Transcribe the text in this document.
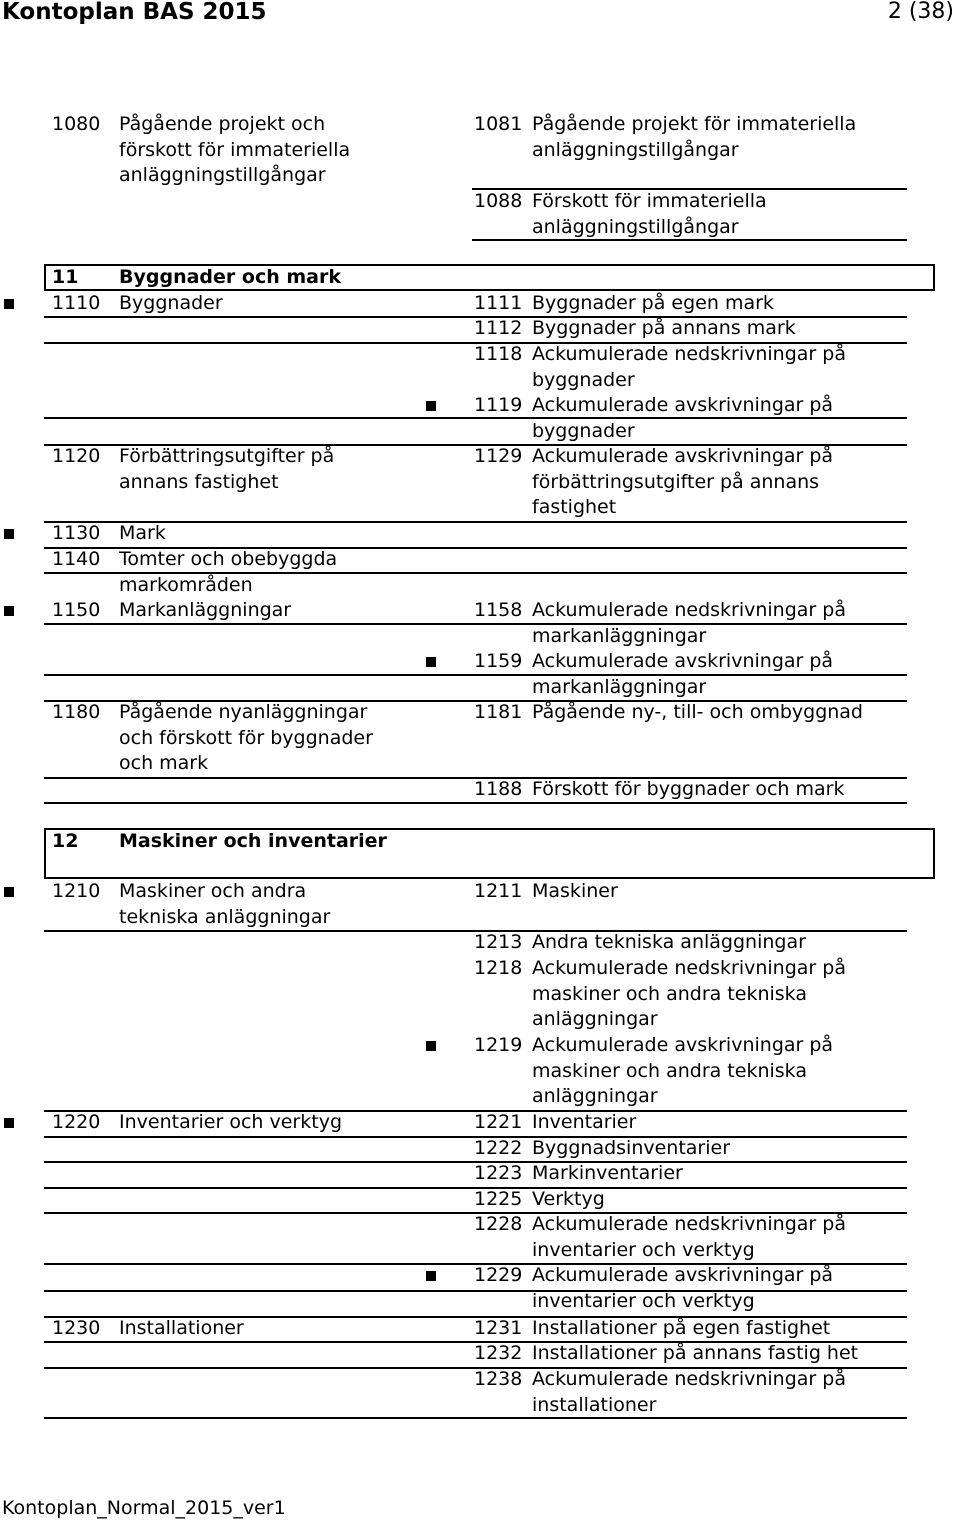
Kontoplan BAS 2015	2 (38)
11 Byggnader och mark
12 Maskiner och inventarier
1080 Pågående projekt och
förskott för immateriella
anläggningstillgångar
1110 Byggnader
1120 Förbättringsutgifter på
annans fastighet
1130 Mark
1140 Tomter och obebyggda
markområden
1150 Markanläggningar
1180 Pågående nyanläggningar
och förskott för byggnader
och mark
1210 Maskiner och andra
tekniska anläggningar
1220 Inventarier och verktyg
1230 Installationer
1081 Pågående projekt för immateriella
anläggningstillgångar
1088 Förskott för immateriella
anläggningstillgångar
1111 Byggnader på egen mark
1112 Byggnader på annans mark
1118 Ackumulerade nedskrivningar på
byggnader
1119 Ackumulerade avskrivningar på
byggnader
1129 Ackumulerade avskrivningar på
förbättringsutgifter på annans
fastighet
1158 Ackumulerade nedskrivningar på
markanläggningar
1159 Ackumulerade avskrivningar på
markanläggningar
1181 Pågående ny-, till- och ombyggnad
1188 Förskott för byggnader och mark
1211 Maskiner
1213 Andra tekniska anläggningar
1218 Ackumulerade nedskrivningar på
maskiner och andra tekniska
anläggningar
1219 Ackumulerade avskrivningar på
maskiner och andra tekniska
anläggningar
1221 Inventarier
1222 Byggnadsinventarier
1223 Markinventarier
1225 Verktyg
1228 Ackumulerade nedskrivningar på
inventarier och verktyg
1229 Ackumulerade avskrivningar på
inventarier och verktyg
1231 Installationer på egen fastighet
1232 Installationer på annans fastig het
1238 Ackumulerade nedskrivningar på
installationer
Kontoplan_Normal_2015_ver1
